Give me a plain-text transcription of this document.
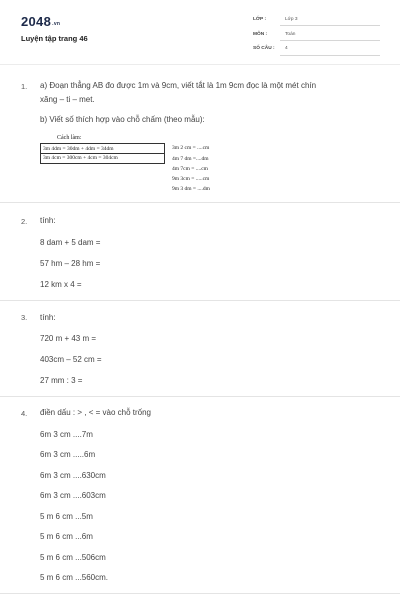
2048.vn
Luyện tập trang 46
LỚP :	Lớp 3
MÔN :	Toán
SỐ CÂU : 4
1. a) Đoạn thẳng AB đo được 1m và 9cm, viết tắt là 1m 9cm đọc là một mét chín
xăng – ti – met.
b) Viết số thích hợp vào chỗ chấm (theo mẫu):
Cách làm:
3m 4dm = 30dm + 4dm = 34dm
3m 4cm = 300cm + 4cm = 304cm
3m 2 cm = ....cm
4m 7 dm =....dm
4m 7cm = ....cm
9m 3cm = .....cm
9m 3 dm = ....dm
2. tính:
8 dam + 5 dam =
57 hm – 28 hm =
12 km x 4 =
3. tính:
720 m + 43 m =
403cm – 52 cm =
27 mm : 3 =
4. điền dấu : > , < = vào chỗ trống
6m 3 cm ....7m
6m 3 cm .....6m
6m 3 cm ....630cm
6m 3 cm ....603cm
5 m 6 cm ...5m
5 m 6 cm ...6m
5 m 6 cm ...506cm
5 m 6 cm ...560cm.
